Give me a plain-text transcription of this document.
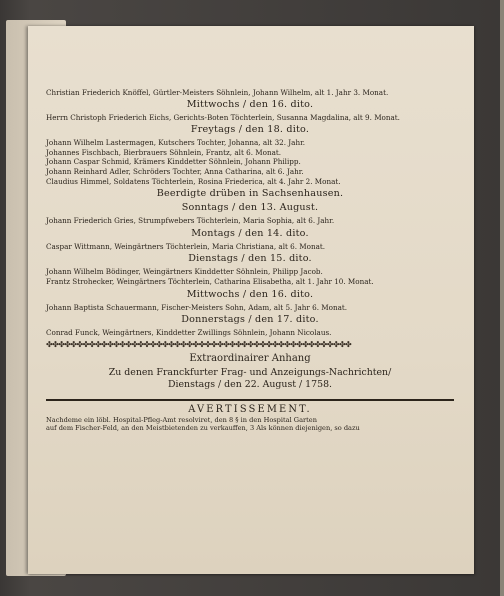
Christian Friederich Knöffel, Gürtler-Meisters Söhnlein, Johann Wilhelm, alt 1. Jahr 3. Monat.

Mittwochs / den 16. dito.

Herrn Christoph Friederich Eichs, Gerichts-Boten Töchterlein, Susanna Magdalina, alt 9. Monat.

Freytags / den 18. dito.

Johann Wilhelm Lastermagen, Kutschers Tochter, Johanna, alt 32. Jahr.

Johannes Fischbach, Bierbrauers Söhnlein, Frantz, alt 6. Monat.

Johann Caspar Schmid, Krämers Kinddetter Söhnlein, Johann Philipp.

Johann Reinhard Adler, Schröders Tochter, Anna Catharina, alt 6. Jahr.

Claudius Himmel, Soldatens Töchterlein, Rosina Friederica, alt 4. Jahr 2. Monat.

Beerdigte drüben in Sachsenhausen.

Sonntags / den 13. August.

Johann Friederich Gries, Strumpfwebers Töchterlein, Maria Sophia, alt 6. Jahr.

Montags / den 14. dito.

Caspar Wittmann, Weingärtners Töchterlein, Maria Christiana, alt 6. Monat.

Dienstags / den 15. dito.

Johann Wilhelm Bödinger, Weingärtners Kinddetter Söhnlein, Philipp Jacob.

Frantz Strohecker, Weingärtners Töchterlein, Catharina Elisabetha, alt 1. Jahr 10. Monat.

Mittwochs / den 16. dito.

Johann Baptista Schauermann, Fischer-Meisters Sohn, Adam, alt 5. Jahr 6. Monat.

Donnerstags / den 17. dito.

Conrad Funck, Weingärtners, Kinddetter Zwillings Söhnlein, Johann Nicolaus.

✤✤✤✤✤✤✤✤✤✤✤✤✤✤✤✤✤✤✤✤✤✤✤✤✤✤✤✤✤✤✤✤✤✤✤✤✤✤✤✤✤✤✤✤✤✤✤✤✤✤

Extraordinairer Anhang

Zu denen Franckfurter Frag- und Anzeigungs-Nachrichten/

Dienstags / den 22. August / 1758.

AVERTISSEMENT.

Nachdeme ein löbl. Hospital-Pfleg-Amt resolviret, den 8 § in den Hospital Garten

auf dem Fischer-Feld, an den Meistbietenden zu verkauffen, 3 Als können diejenigen, so dazu
